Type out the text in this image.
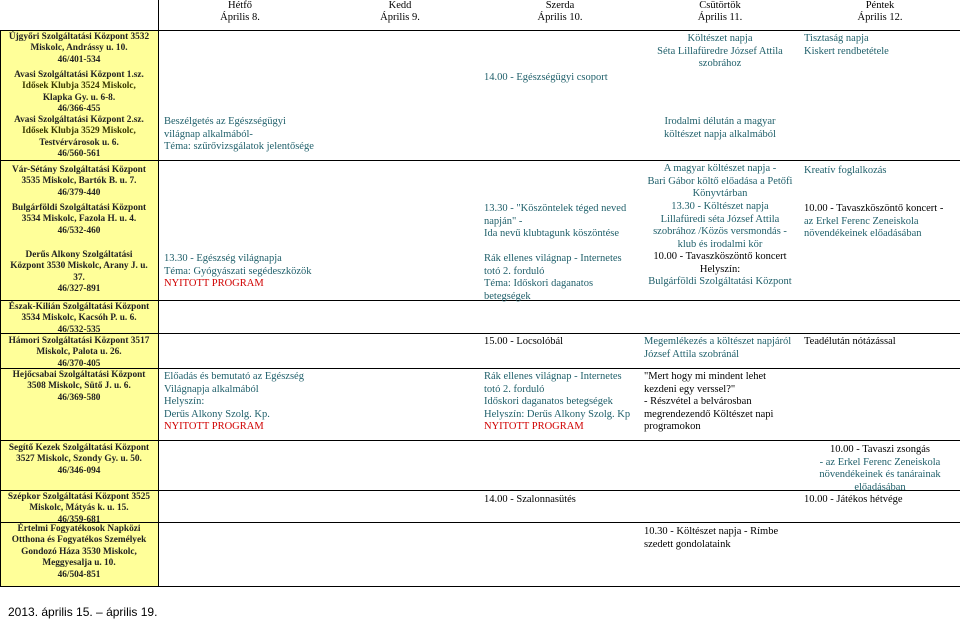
Hétfő
Április 8.
Kedd
Április 9.
Szerda
Április 10.
Csütörtök
Április 11.
Péntek
Április 12.
Újgyőri Szolgáltatási Központ 3532
Miskolc, Andrássy u. 10.
46/401-534
Avasi Szolgáltatási Központ 1.sz.
Idősek Klubja 3524 Miskolc,
Klapka Gy. u. 6-8.
46/366-455
Avasi Szolgáltatási Központ 2.sz.
Idősek Klubja 3529 Miskolc,
Testvérvárosok u. 6.
46/560-561
Vár-Sétány Szolgáltatási Központ
3535 Miskolc, Bartók B. u. 7.
46/379-440
Bulgárföldi Szolgáltatási Központ
3534 Miskolc, Fazola H. u. 4.
46/532-460
Derűs Alkony Szolgáltatási
Központ 3530 Miskolc, Arany J. u.
37.
46/327-891
Észak-Kilián Szolgáltatási Központ
3534 Miskolc, Kacsóh P. u. 6.
46/532-535
Hámori Szolgáltatási Központ 3517
Miskolc, Palota u. 26.
46/370-405
Hejőcsabai Szolgáltatási Központ
3508 Miskolc, Sütő J. u. 6.
46/369-580
Segítő Kezek Szolgáltatási Központ
3527 Miskolc, Szondy Gy. u. 50.
46/346-094
Szépkor Szolgáltatási Központ 3525
Miskolc, Mátyás k. u. 15.
46/359-681
Értelmi Fogyatékosok Napközi
Otthona és Fogyatékos Személyek
Gondozó Háza 3530 Miskolc,
Meggyesalja u. 10.
46/504-851
Beszélgetés az Egészségügyi
világnap alkalmából-
Téma: szűrővizsgálatok jelentősége
13.30 - Egészség világnapja
Téma: Gyógyászati segédeszközök
NYITOTT PROGRAM
Előadás és bemutató az Egészség
Világnapja alkalmából
Helyszín:
Derűs Alkony Szolg. Kp.
NYITOTT PROGRAM
14.00 - Egészségügyi csoport
13.30 - "Köszöntelek téged neved
napján" -
Ida nevű klubtagunk köszöntése
Rák ellenes világnap - Internetes
totó 2. forduló
Téma: Időskori daganatos
betegségek
15.00 - Locsolóbál
Rák ellenes világnap - Internetes
totó 2. forduló
Időskori daganatos betegségek
Helyszín: Derűs Alkony Szolg. Kp
NYITOTT PROGRAM
14.00 - Szalonnasütés
Költészet napja
Séta Lillafüredre József Attila
szobrához
Irodalmi délután a magyar
költészet napja alkalmából
A magyar költészet napja -
Bari Gábor költő előadása a Petőfi
Könyvtárban
13.30 - Költészet napja
Lillafüredi séta József Attila
szobrához /Közös versmondás -
klub és irodalmi kör
10.00 - Tavaszköszöntő koncert
Helyszín:
Bulgárföldi Szolgáltatási Központ
Megemlékezés a költészet napjáról
József Attila szobránál
"Mert hogy mi mindent lehet
kezdeni egy verssel?"
- Részvétel a belvárosban
megrendezendő Költészet napi
programokon
10.30 - Költészet napja - Rímbe
szedett gondolataink
Tisztaság napja
Kiskert rendbetétele
Kreatív foglalkozás
10.00 - Tavaszköszöntő koncert -
az Erkel Ferenc Zeneiskola
növendékeinek előadásában
Teadélután nótázással
10.00 - Tavaszi zsongás
- az Erkel Ferenc Zeneiskola
növendékeinek és tanárainak
előadásában
10.00 - Játékos hétvége
2013. április 15. – április 19.
